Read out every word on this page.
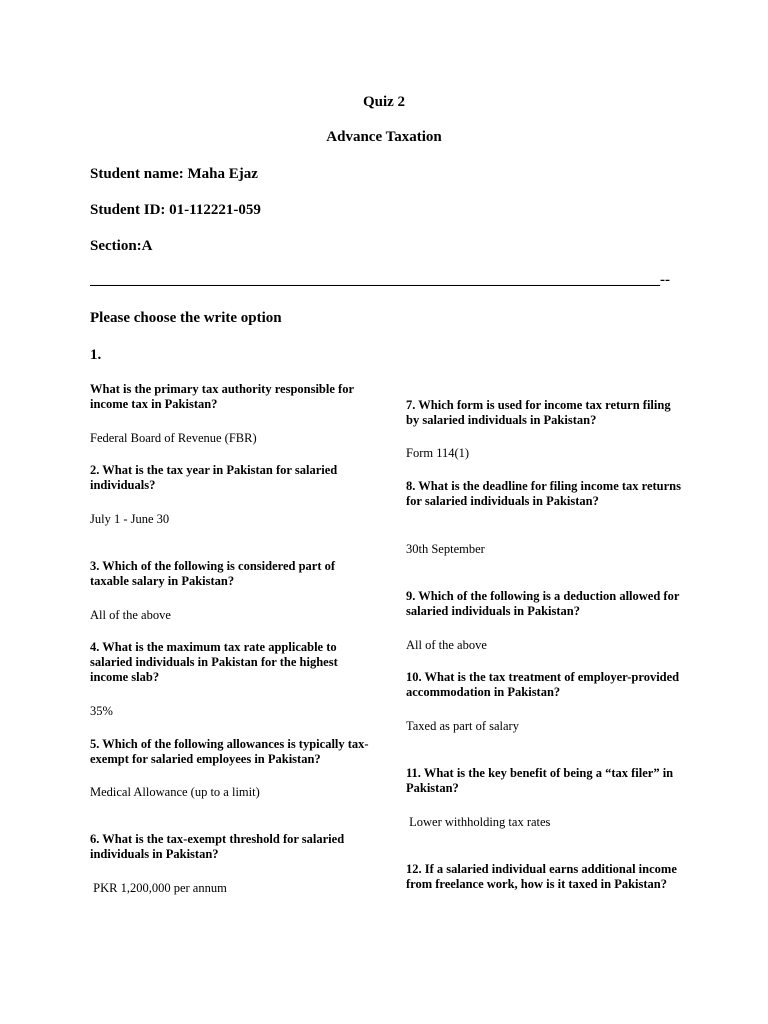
Quiz 2
Advance Taxation
Student name: Maha Ejaz
Student ID: 01-112221-059
Section:A
____________________________________________________________________________--
Please choose the write option
1.
What is the primary tax authority responsible for income tax in Pakistan?
Federal Board of Revenue (FBR)
2. What is the tax year in Pakistan for salaried individuals?
July 1 - June 30
3. Which of the following is considered part of taxable salary in Pakistan?
All of the above
4. What is the maximum tax rate applicable to salaried individuals in Pakistan for the highest income slab?
35%
5. Which of the following allowances is typically tax-exempt for salaried employees in Pakistan?
Medical Allowance (up to a limit)
6. What is the tax-exempt threshold for salaried individuals in Pakistan?
PKR 1,200,000 per annum
7. Which form is used for income tax return filing by salaried individuals in Pakistan?
Form 114(1)
8. What is the deadline for filing income tax returns for salaried individuals in Pakistan?
30th September
9. Which of the following is a deduction allowed for salaried individuals in Pakistan?
All of the above
10. What is the tax treatment of employer-provided accommodation in Pakistan?
Taxed as part of salary
11. What is the key benefit of being a “tax filer” in Pakistan?
Lower withholding tax rates
12. If a salaried individual earns additional income from freelance work, how is it taxed in Pakistan?
